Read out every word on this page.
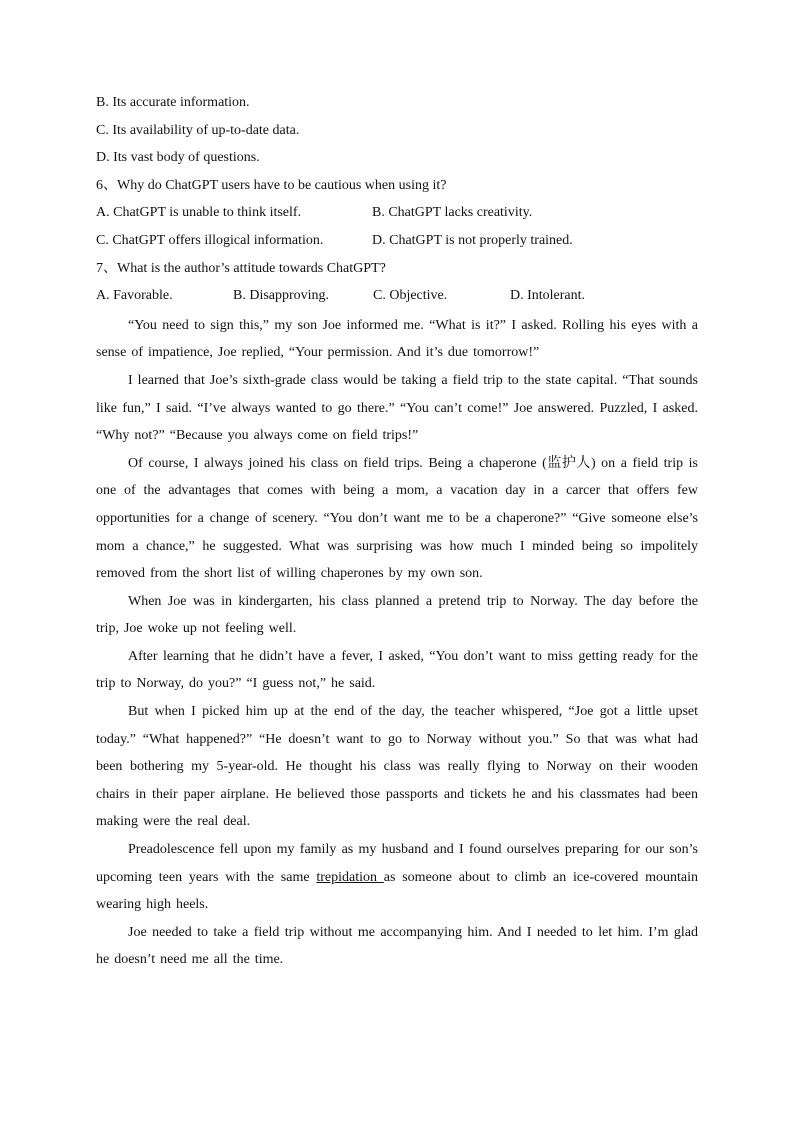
B. Its accurate information.
C. Its availability of up-to-date data.
D. Its vast body of questions.
6、Why do ChatGPT users have to be cautious when using it?
A. ChatGPT is unable to think itself.	B. ChatGPT lacks creativity.
C. ChatGPT offers illogical information.	D. ChatGPT is not properly trained.
7、What is the author’s attitude towards ChatGPT?
A. Favorable.	B. Disapproving.	C. Objective.	D. Intolerant.

“You need to sign this,” my son Joe informed me. “What is it?” I asked. Rolling his eyes with a sense of impatience, Joe replied, “Your permission. And it’s due tomorrow!”

I learned that Joe’s sixth-grade class would be taking a field trip to the state capital. “That sounds like fun,” I said. “I’ve always wanted to go there.” “You can’t come!” Joe answered. Puzzled, I asked. “Why not?” “Because you always come on field trips!”

Of course, I always joined his class on field trips. Being a chaperone (监护人) on a field trip is one of the advantages that comes with being a mom, a vacation day in a carcer that offers few opportunities for a change of scenery. “You don’t want me to be a chaperone?” “Give someone else’s mom a chance,” he suggested. What was surprising was how much I minded being so impolitely removed from the short list of willing chaperones by my own son.

When Joe was in kindergarten, his class planned a pretend trip to Norway. The day before the trip, Joe woke up not feeling well.

After learning that he didn’t have a fever, I asked, “You don’t want to miss getting ready for the trip to Norway, do you?” “I guess not,” he said.

But when I picked him up at the end of the day, the teacher whispered, “Joe got a little upset today.” “What happened?” “He doesn’t want to go to Norway without you.” So that was what had been bothering my 5-year-old. He thought his class was really flying to Norway on their wooden chairs in their paper airplane. He believed those passports and tickets he and his classmates had been making were the real deal.

Preadolescence fell upon my family as my husband and I found ourselves preparing for our son’s upcoming teen years with the same trepidation as someone about to climb an ice-covered mountain wearing high heels.

Joe needed to take a field trip without me accompanying him. And I needed to let him. I’m glad he doesn’t need me all the time.
